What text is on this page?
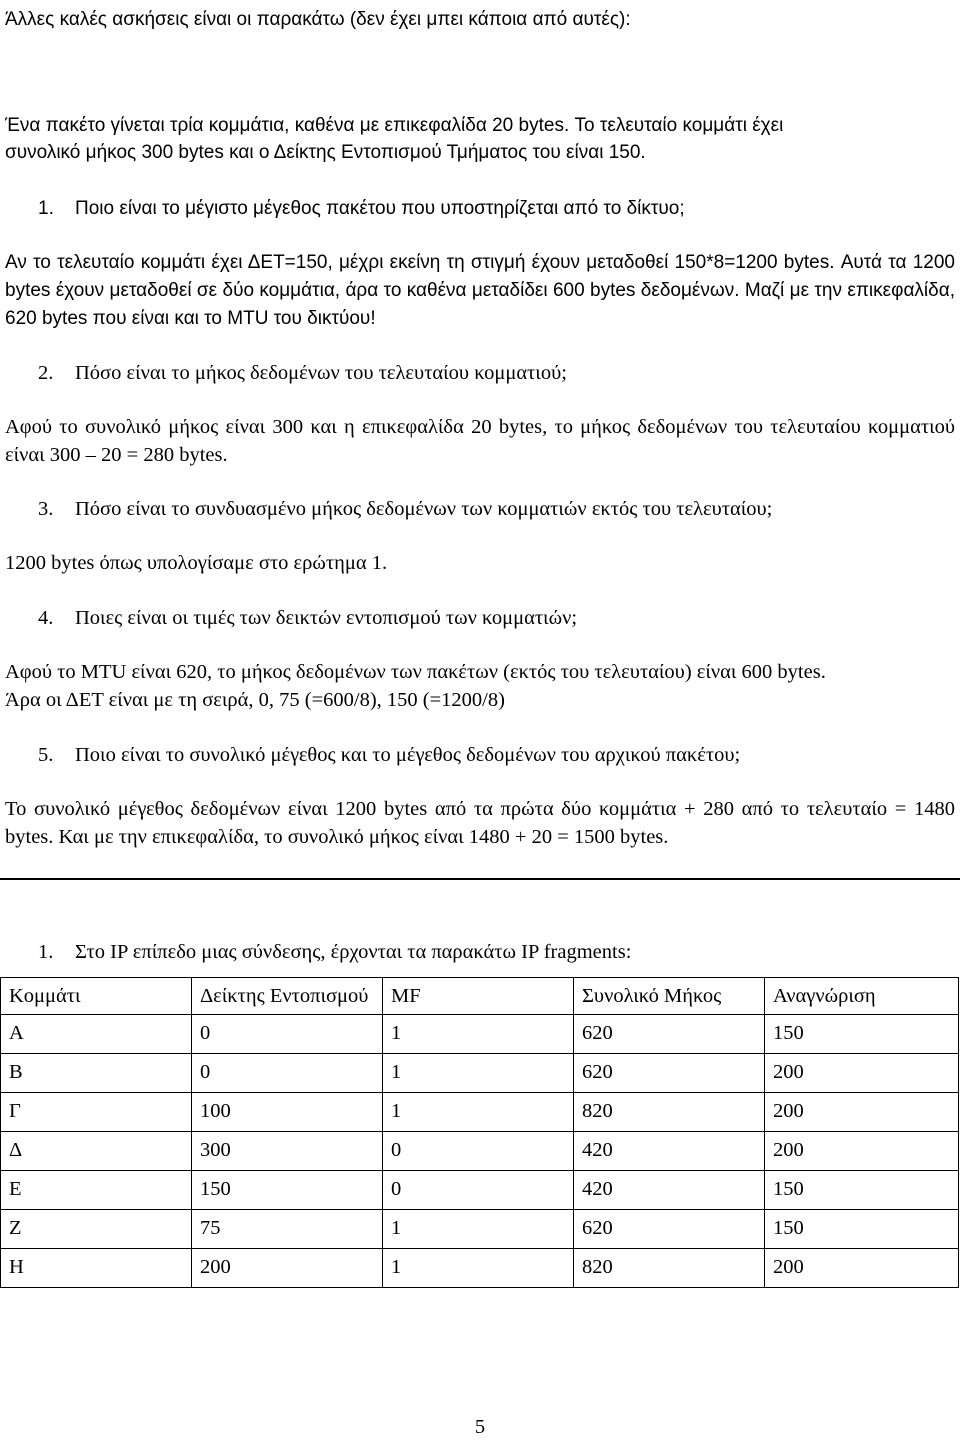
Άλλες καλές ασκήσεις είναι οι παρακάτω (δεν έχει μπει κάποια από αυτές):
Ένα πακέτο γίνεται τρία κομμάτια, καθένα με επικεφαλίδα 20 bytes. Το τελευταίο κομμάτι έχει
συνολικό μήκος 300 bytes και ο Δείκτης Εντοπισμού Τμήματος του είναι 150.
1.	Ποιο είναι το μέγιστο μέγεθος πακέτου που υποστηρίζεται από το δίκτυο;
Αν το τελευταίο κομμάτι έχει ΔΕΤ=150, μέχρι εκείνη τη στιγμή έχουν μεταδοθεί 150*8=1200 bytes. Αυτά τα 1200 bytes έχουν μεταδοθεί σε δύο κομμάτια, άρα το καθένα μεταδίδει 600 bytes δεδομένων. Μαζί με την επικεφαλίδα, 620 bytes που είναι και το MTU του δικτύου!
2.	Πόσο είναι το μήκος δεδομένων του τελευταίου κομματιού;
Αφού το συνολικό μήκος είναι 300 και η επικεφαλίδα 20 bytes, το μήκος δεδομένων του τελευταίου κομματιού είναι 300 – 20 = 280 bytes.
3.	Πόσο είναι το συνδυασμένο μήκος δεδομένων των κομματιών εκτός του τελευταίου;
1200 bytes όπως υπολογίσαμε στο ερώτημα 1.
4.	Ποιες είναι οι τιμές των δεικτών εντοπισμού των κομματιών;
Αφού το MTU είναι 620, το μήκος δεδομένων των πακέτων (εκτός του τελευταίου) είναι 600 bytes.
Άρα οι ΔΕΤ είναι με τη σειρά, 0, 75 (=600/8), 150 (=1200/8)
5.	Ποιο είναι το συνολικό μέγεθος και το μέγεθος δεδομένων του αρχικού πακέτου;
Το συνολικό μέγεθος δεδομένων είναι 1200 bytes από τα πρώτα δύο κομμάτια + 280 από το τελευταίο = 1480 bytes. Και με την επικεφαλίδα, το συνολικό μήκος είναι 1480 + 20 = 1500 bytes.
1.	Στο IP επίπεδο μιας σύνδεσης, έρχονται τα παρακάτω IP fragments:
Κομμάτι	Δείκτης Εντοπισμού	MF	Συνολικό Μήκος	Αναγνώριση
Α	0	1	620	150
Β	0	1	620	200
Γ	100	1	820	200
Δ	300	0	420	200
Ε	150	0	420	150
Ζ	75	1	620	150
Η	200	1	820	200
5
